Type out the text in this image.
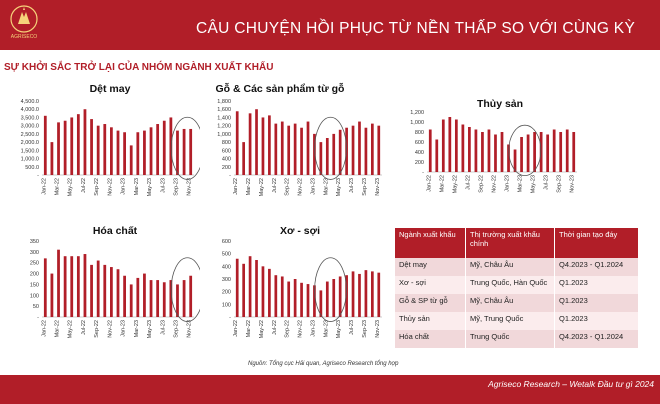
AGRISECO	CÂU CHUYỆN HỒI PHỤC TỪ NỀN THẤP SO VỚI CÙNG KỲ
SỰ KHỞI SẮC TRỞ LẠI CỦA NHÓM NGÀNH XUẤT KHẨU
Dệt may
-
500.0
1,000.0
1,500.0
2,000.0
2,500.0
3,000.0
3,500.0
4,000.0
4,500.0
Jan-22 Mar-22 May-22 Jul-22 Sep-22 Nov-22 Jan-23 Mar-23 May-23 Jul-23 Sep-23 Nov-23
Gỗ & Các sản phẩm từ gỗ
-
200
400
600
800
1,000
1,200
1,400
1,600
1,800
Jan-22 Mar-22 May-22 Jul-22 Sep-22 Nov-22 Jan-23 Mar-23 May-23 Jul-23 Sep-23 Nov-23
Thủy sản
-
200
400
600
800
1,000
1,200
Jan-22 Mar-22 May-22 Jul-22 Sep-22 Nov-22 Jan-23 Mar-23 May-23 Jul-23 Sep-23 Nov-23
Hóa chất
-
50
100
150
200
250
300
350
Jan-22 Mar-22 May-22 Jul-22 Sep-22 Nov-22 Jan-23 Mar-23 May-23 Jul-23 Sep-23 Nov-23
Xơ - sợi
-
100
200
300
400
500
600
Jan-22 Mar-22 May-22 Jul-22 Sep-22 Nov-22 Jan-23 Mar-23 May-23 Jul-23 Sep-23 Nov-23
Ngành xuất khẩu	Thị trường xuất khẩu chính	Thời gian tạo đáy
Dệt may	Mỹ, Châu Âu	Q4.2023 - Q1.2024
Xơ - sợi	Trung Quốc, Hàn Quốc	Q1.2023
Gỗ & SP từ gỗ	Mỹ, Châu Âu	Q1.2023
Thủy sản	Mỹ, Trung Quốc	Q1.2023
Hóa chất	Trung Quốc	Q4.2023 - Q1.2024
Nguồn: Tổng cục Hải quan, Agriseco Research tổng hợp
Agriseco Research – Wetalk Đầu tư gì 2024
